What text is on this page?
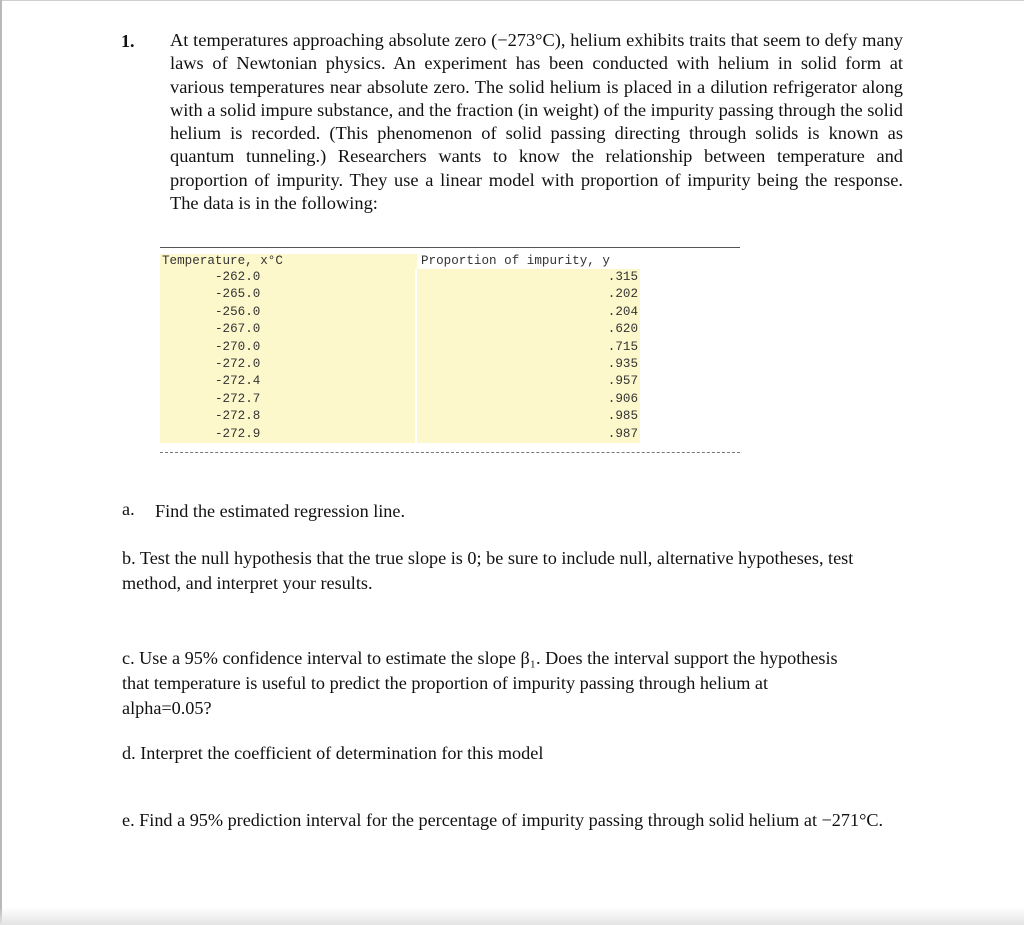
1. At temperatures approaching absolute zero (−273°C), helium exhibits traits that seem to defy many laws of Newtonian physics. An experiment has been conducted with helium in solid form at various temperatures near absolute zero. The solid helium is placed in a dilution refrigerator along with a solid impure substance, and the fraction (in weight) of the impurity passing through the solid helium is recorded. (This phenomenon of solid passing directing through solids is known as quantum tunneling.) Researchers wants to know the relationship between temperature and proportion of impurity. They use a linear model with proportion of impurity being the response. The data is in the following:

Temperature, x°C	Proportion of impurity, y
-262.0	.315
-265.0	.202
-256.0	.204
-267.0	.620
-270.0	.715
-272.0	.935
-272.4	.957
-272.7	.906
-272.8	.985
-272.9	.987
a. Find the estimated regression line.

b. Test the null hypothesis that the true slope is 0; be sure to include null, alternative hypotheses, test method, and interpret your results.

c. Use a 95% confidence interval to estimate the slope β₁. Does the interval support the hypothesis that temperature is useful to predict the proportion of impurity passing through helium at alpha=0.05?

d. Interpret the coefficient of determination for this model

e. Find a 95% prediction interval for the percentage of impurity passing through solid helium at −271°C.
